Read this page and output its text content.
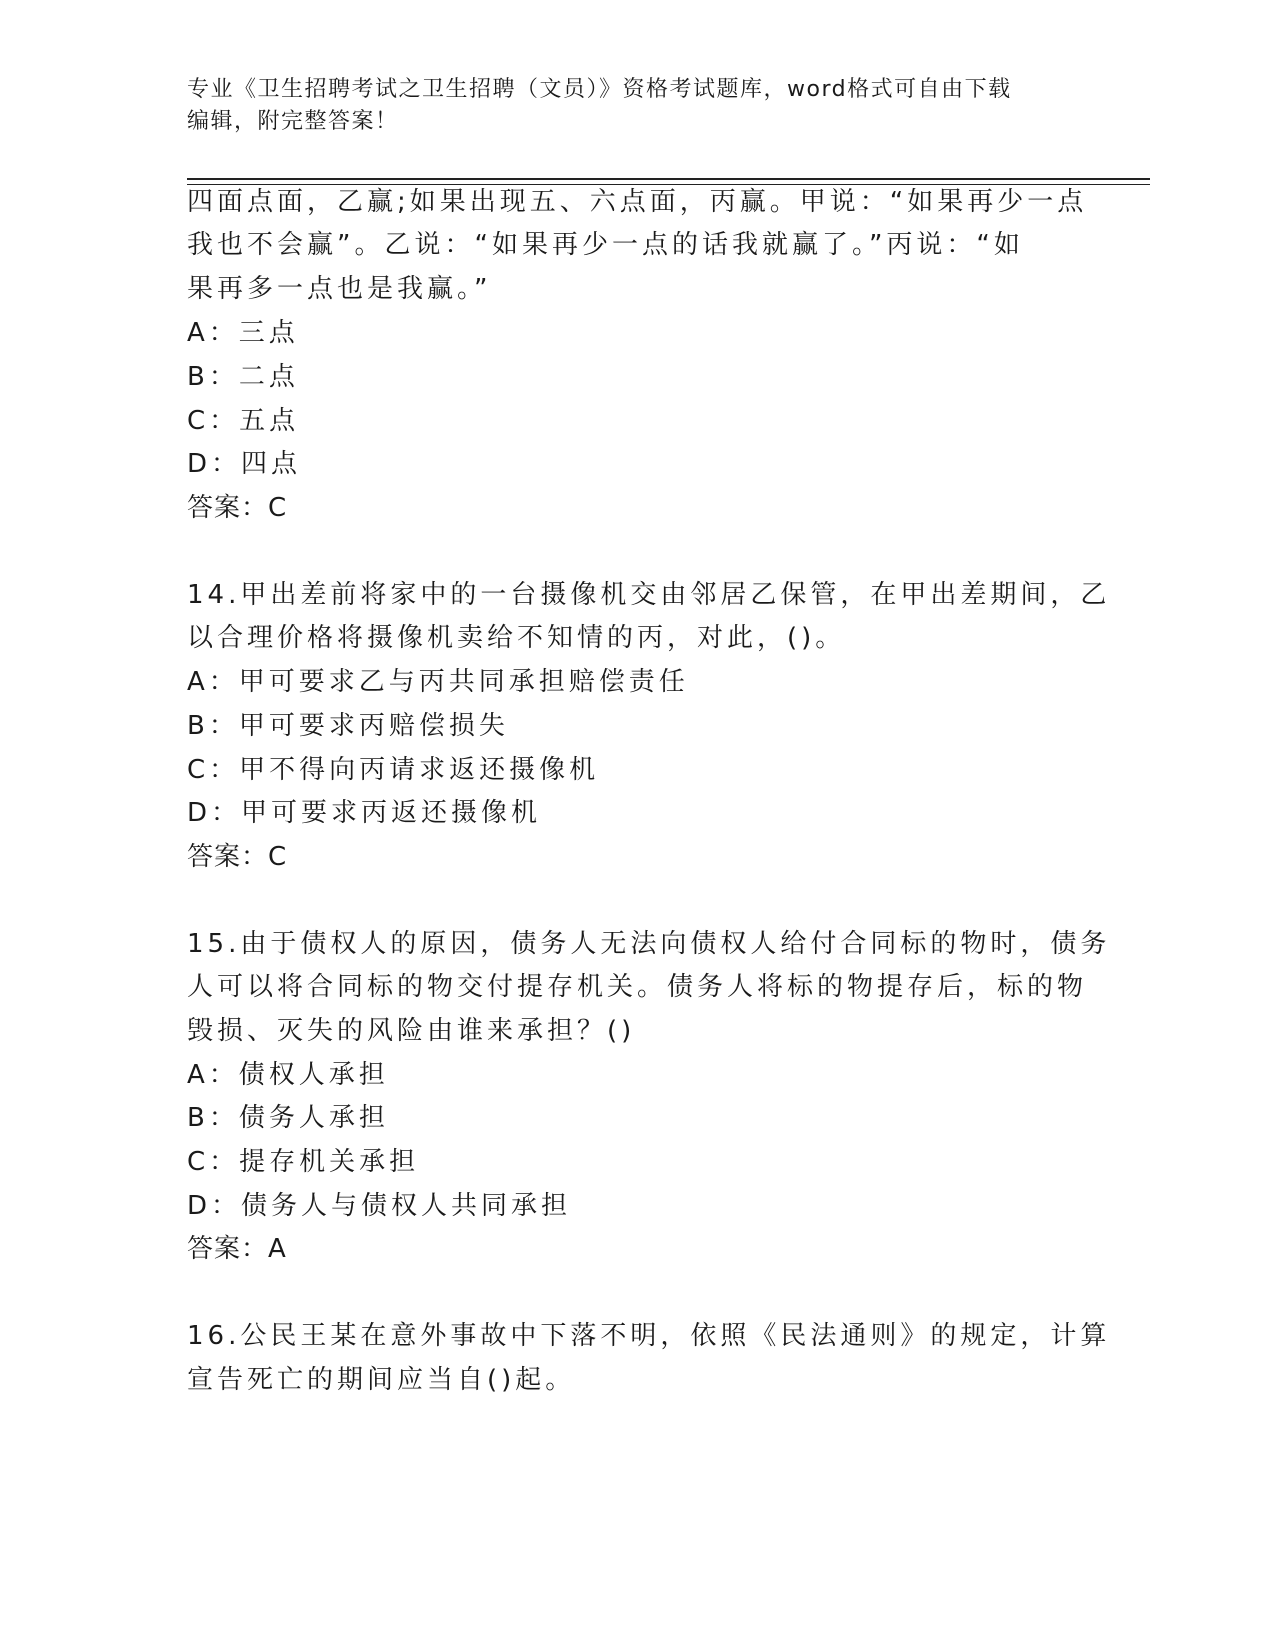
专业《卫生招聘考试之卫生招聘（文员）》资格考试题库，word格式可自由下载
编辑，附完整答案！
四面点面，乙赢;如果出现五、六点面，丙赢。甲说：“如果再少一点
我也不会赢”。乙说：“如果再少一点的话我就赢了。”丙说：“如
果再多一点也是我赢。”
A：三点
B：二点
C：五点
D：四点
答案：C
14.甲出差前将家中的一台摄像机交由邻居乙保管，在甲出差期间，乙
以合理价格将摄像机卖给不知情的丙，对此，()。
A：甲可要求乙与丙共同承担赔偿责任
B：甲可要求丙赔偿损失
C：甲不得向丙请求返还摄像机
D：甲可要求丙返还摄像机
答案：C
15.由于债权人的原因，债务人无法向债权人给付合同标的物时，债务
人可以将合同标的物交付提存机关。债务人将标的物提存后，标的物
毁损、灭失的风险由谁来承担？()
A：债权人承担
B：债务人承担
C：提存机关承担
D：债务人与债权人共同承担
答案：A
16.公民王某在意外事故中下落不明，依照《民法通则》的规定，计算
宣告死亡的期间应当自()起。
